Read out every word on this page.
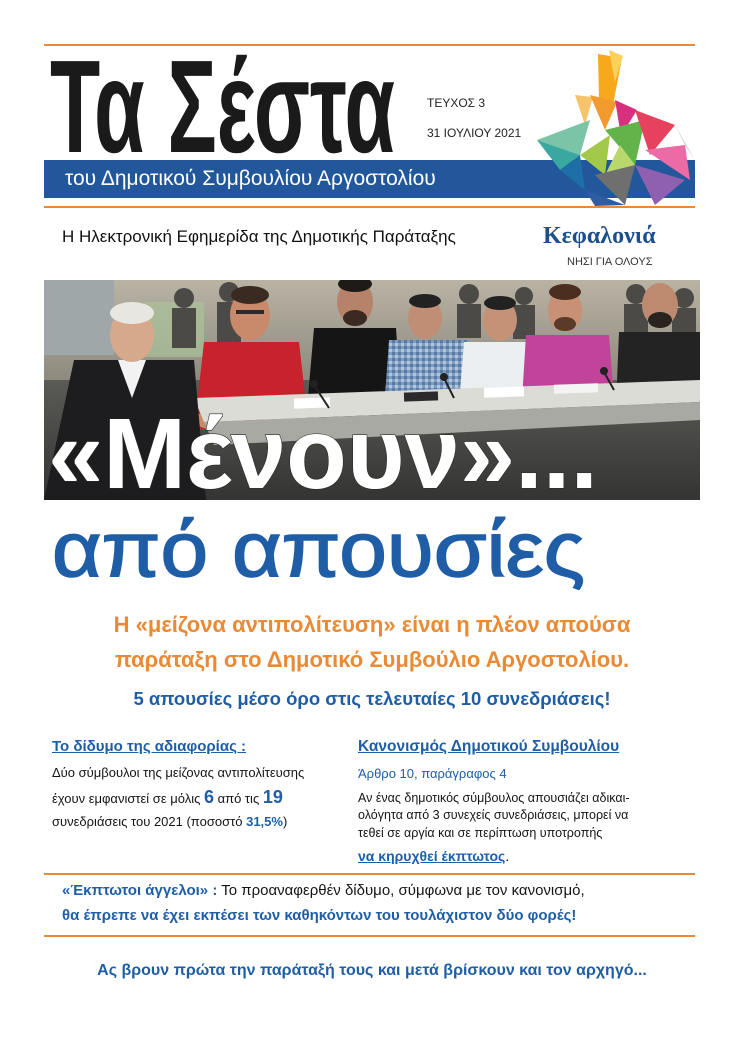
Τα Σέστα	ΤΕΥΧΟΣ 3
31 ΙΟΥΛΙΟΥ 2021
του Δημοτικού Συμβουλίου Αργοστολίου
Η Ηλεκτρονική Εφημερίδα της Δημοτικής Παράταξης	Κεφαλονιά
ΝΗΣΙ ΓΙΑ ΟΛΟΥΣ
«Μένουν»...
από απουσίες
Η «μείζονα αντιπολίτευση» είναι η πλέον απούσα
παράταξη στο Δημοτικό Συμβούλιο Αργοστολίου.
5 απουσίες μέσο όρο στις τελευταίες 10 συνεδριάσεις!
Το δίδυμο της αδιαφορίας :
Δύο σύμβουλοι της μείζονας αντιπολίτευσης
έχουν εμφανιστεί σε μόλις 6 από τις 19
συνεδριάσεις του 2021 (ποσοστό 31,5%)
Κανονισμός Δημοτικού Συμβουλίου
Άρθρο 10, παράγραφος 4
Αν ένας δημοτικός σύμβουλος απουσιάζει αδικαι-
ολόγητα από 3 συνεχείς συνεδριάσεις, μπορεί να
τεθεί σε αργία και σε περίπτωση υποτροπής
να κηρυχθεί έκπτωτος.
«Έκπτωτοι άγγελοι» : Το προαναφερθέν δίδυμο, σύμφωνα με τον κανονισμό,
θα έπρεπε να έχει εκπέσει των καθηκόντων του τουλάχιστον δύο φορές!
Ας βρουν πρώτα την παράταξή τους και μετά βρίσκουν και τον αρχηγό...
